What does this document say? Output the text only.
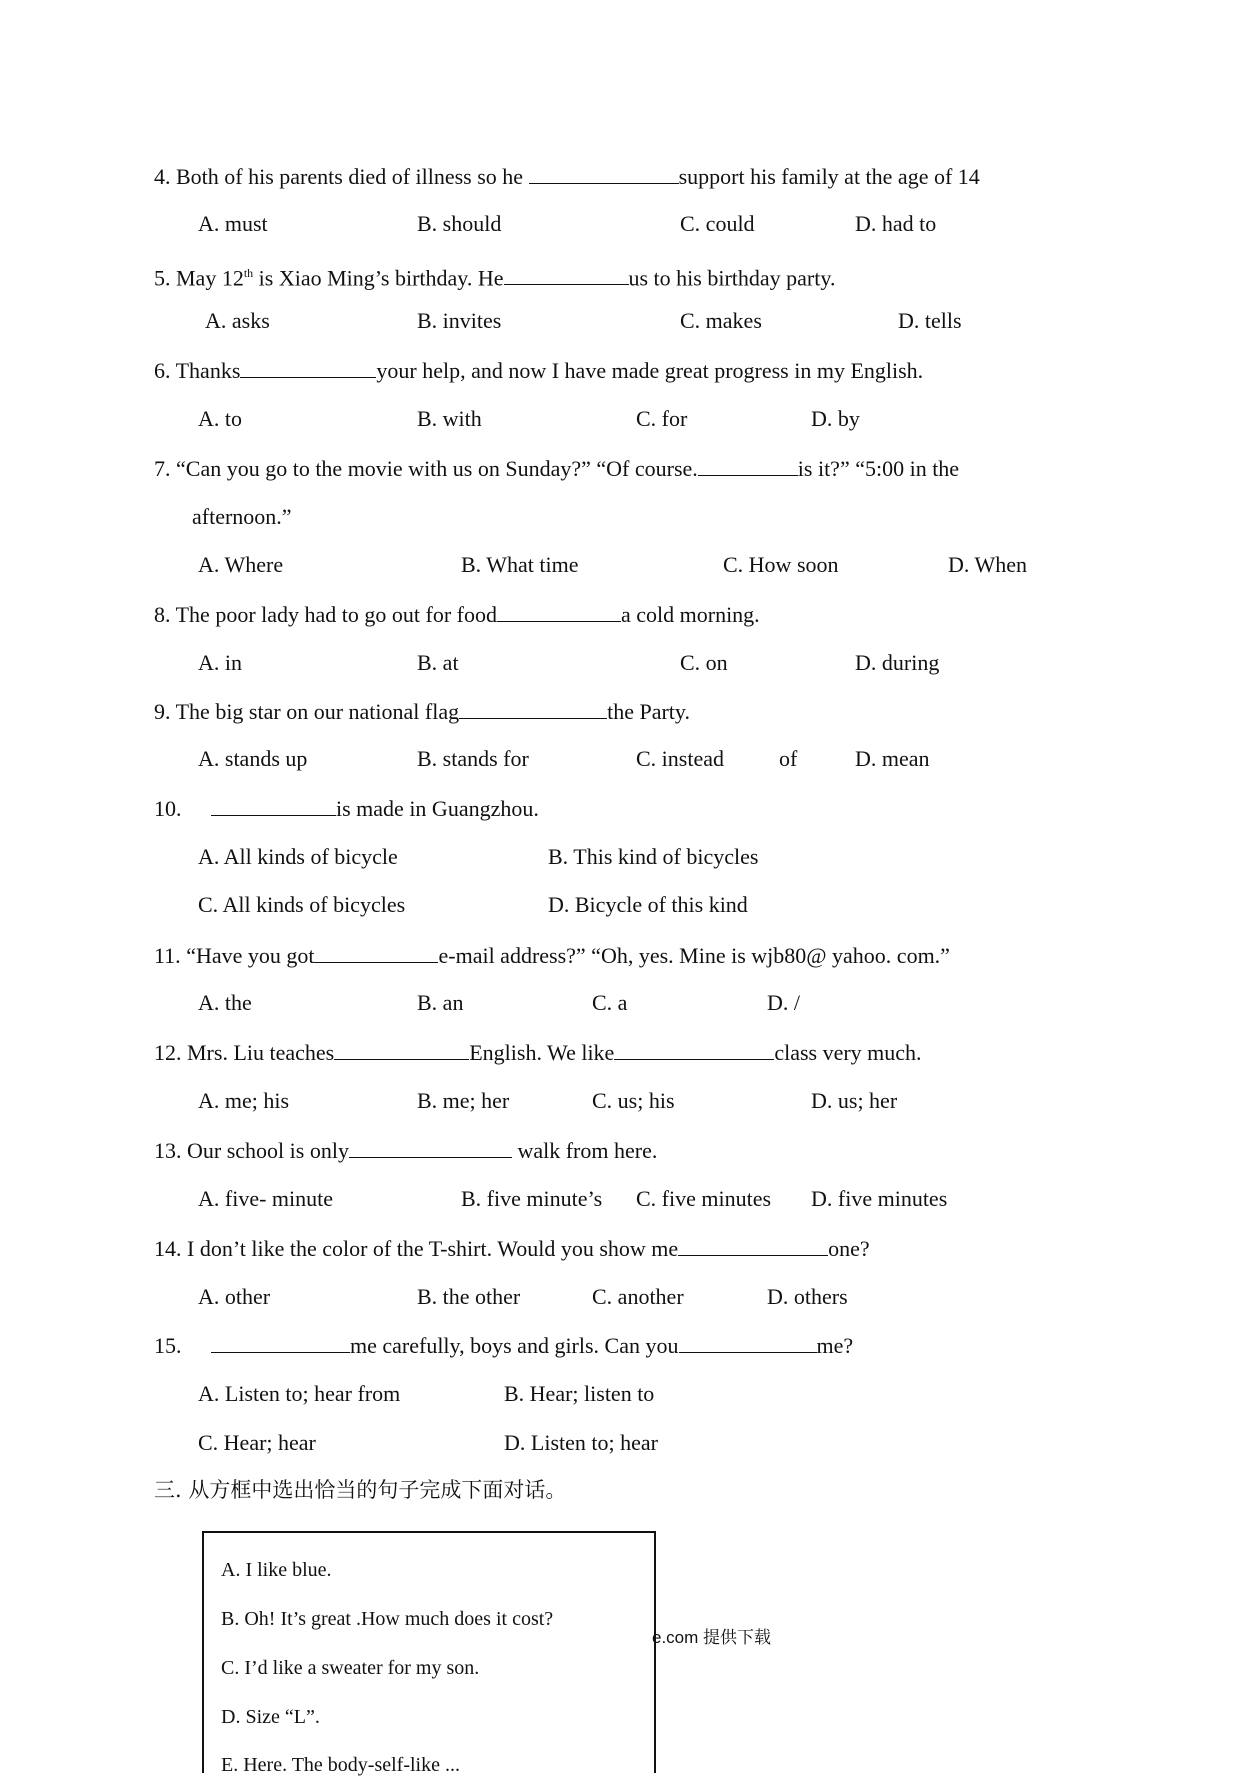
4. Both of his parents died of illness so he	support his family at the age of 14
A. must	B. should	C. could	D. had to
5. May 12th is Xiao Ming’s birthday. He	us to his birthday party.
A. asks	B. invites	C. makes	D. tells
6. Thanks	your help, and now I have made great progress in my English.
A. to	B. with	C. for	D. by
7. “Can you go to the movie with us on Sunday?” “Of course.	is it?” “5:00 in the
afternoon.”
A. Where	B. What time	C. How soon	D. When
8. The poor lady had to go out for food	a cold morning.
A. in	B. at	C. on	D. during
9. The big star on our national flag	the Party.
A. stands up	B. stands for	C. instead	of	D. mean
10.	is made in Guangzhou.
A. All kinds of bicycle	B. This kind of bicycles
C. All kinds of bicycles	D. Bicycle of this kind
11. “Have you got	e-mail address?” “Oh, yes. Mine is wjb80@ yahoo. com.”
A. the	B. an	C. a	D. /
12. Mrs. Liu teaches	English. We like	class very much.
A. me; his	B. me; her	C. us; his	D. us; her
13. Our school is only	walk from here.
A. five- minute	B. five minute’s C. five minutes D. five minutes
14. I don’t like the color of the T-shirt. Would you show me	one?
A. other	B. the other	C. another	D. others
15.	me carefully, boys and girls. Can you	me?
A. Listen to; hear from	B. Hear; listen to
C. Hear; hear	D. Listen to; hear
三. 从方框中选出恰当的句子完成下面对话。
A. I like blue.
B. Oh! It’s great .How much does it cost?
C. I’d like a sweater for my son.
D. Size “L”.
E. Here. The body-self-like ...
e.com 提供下载
